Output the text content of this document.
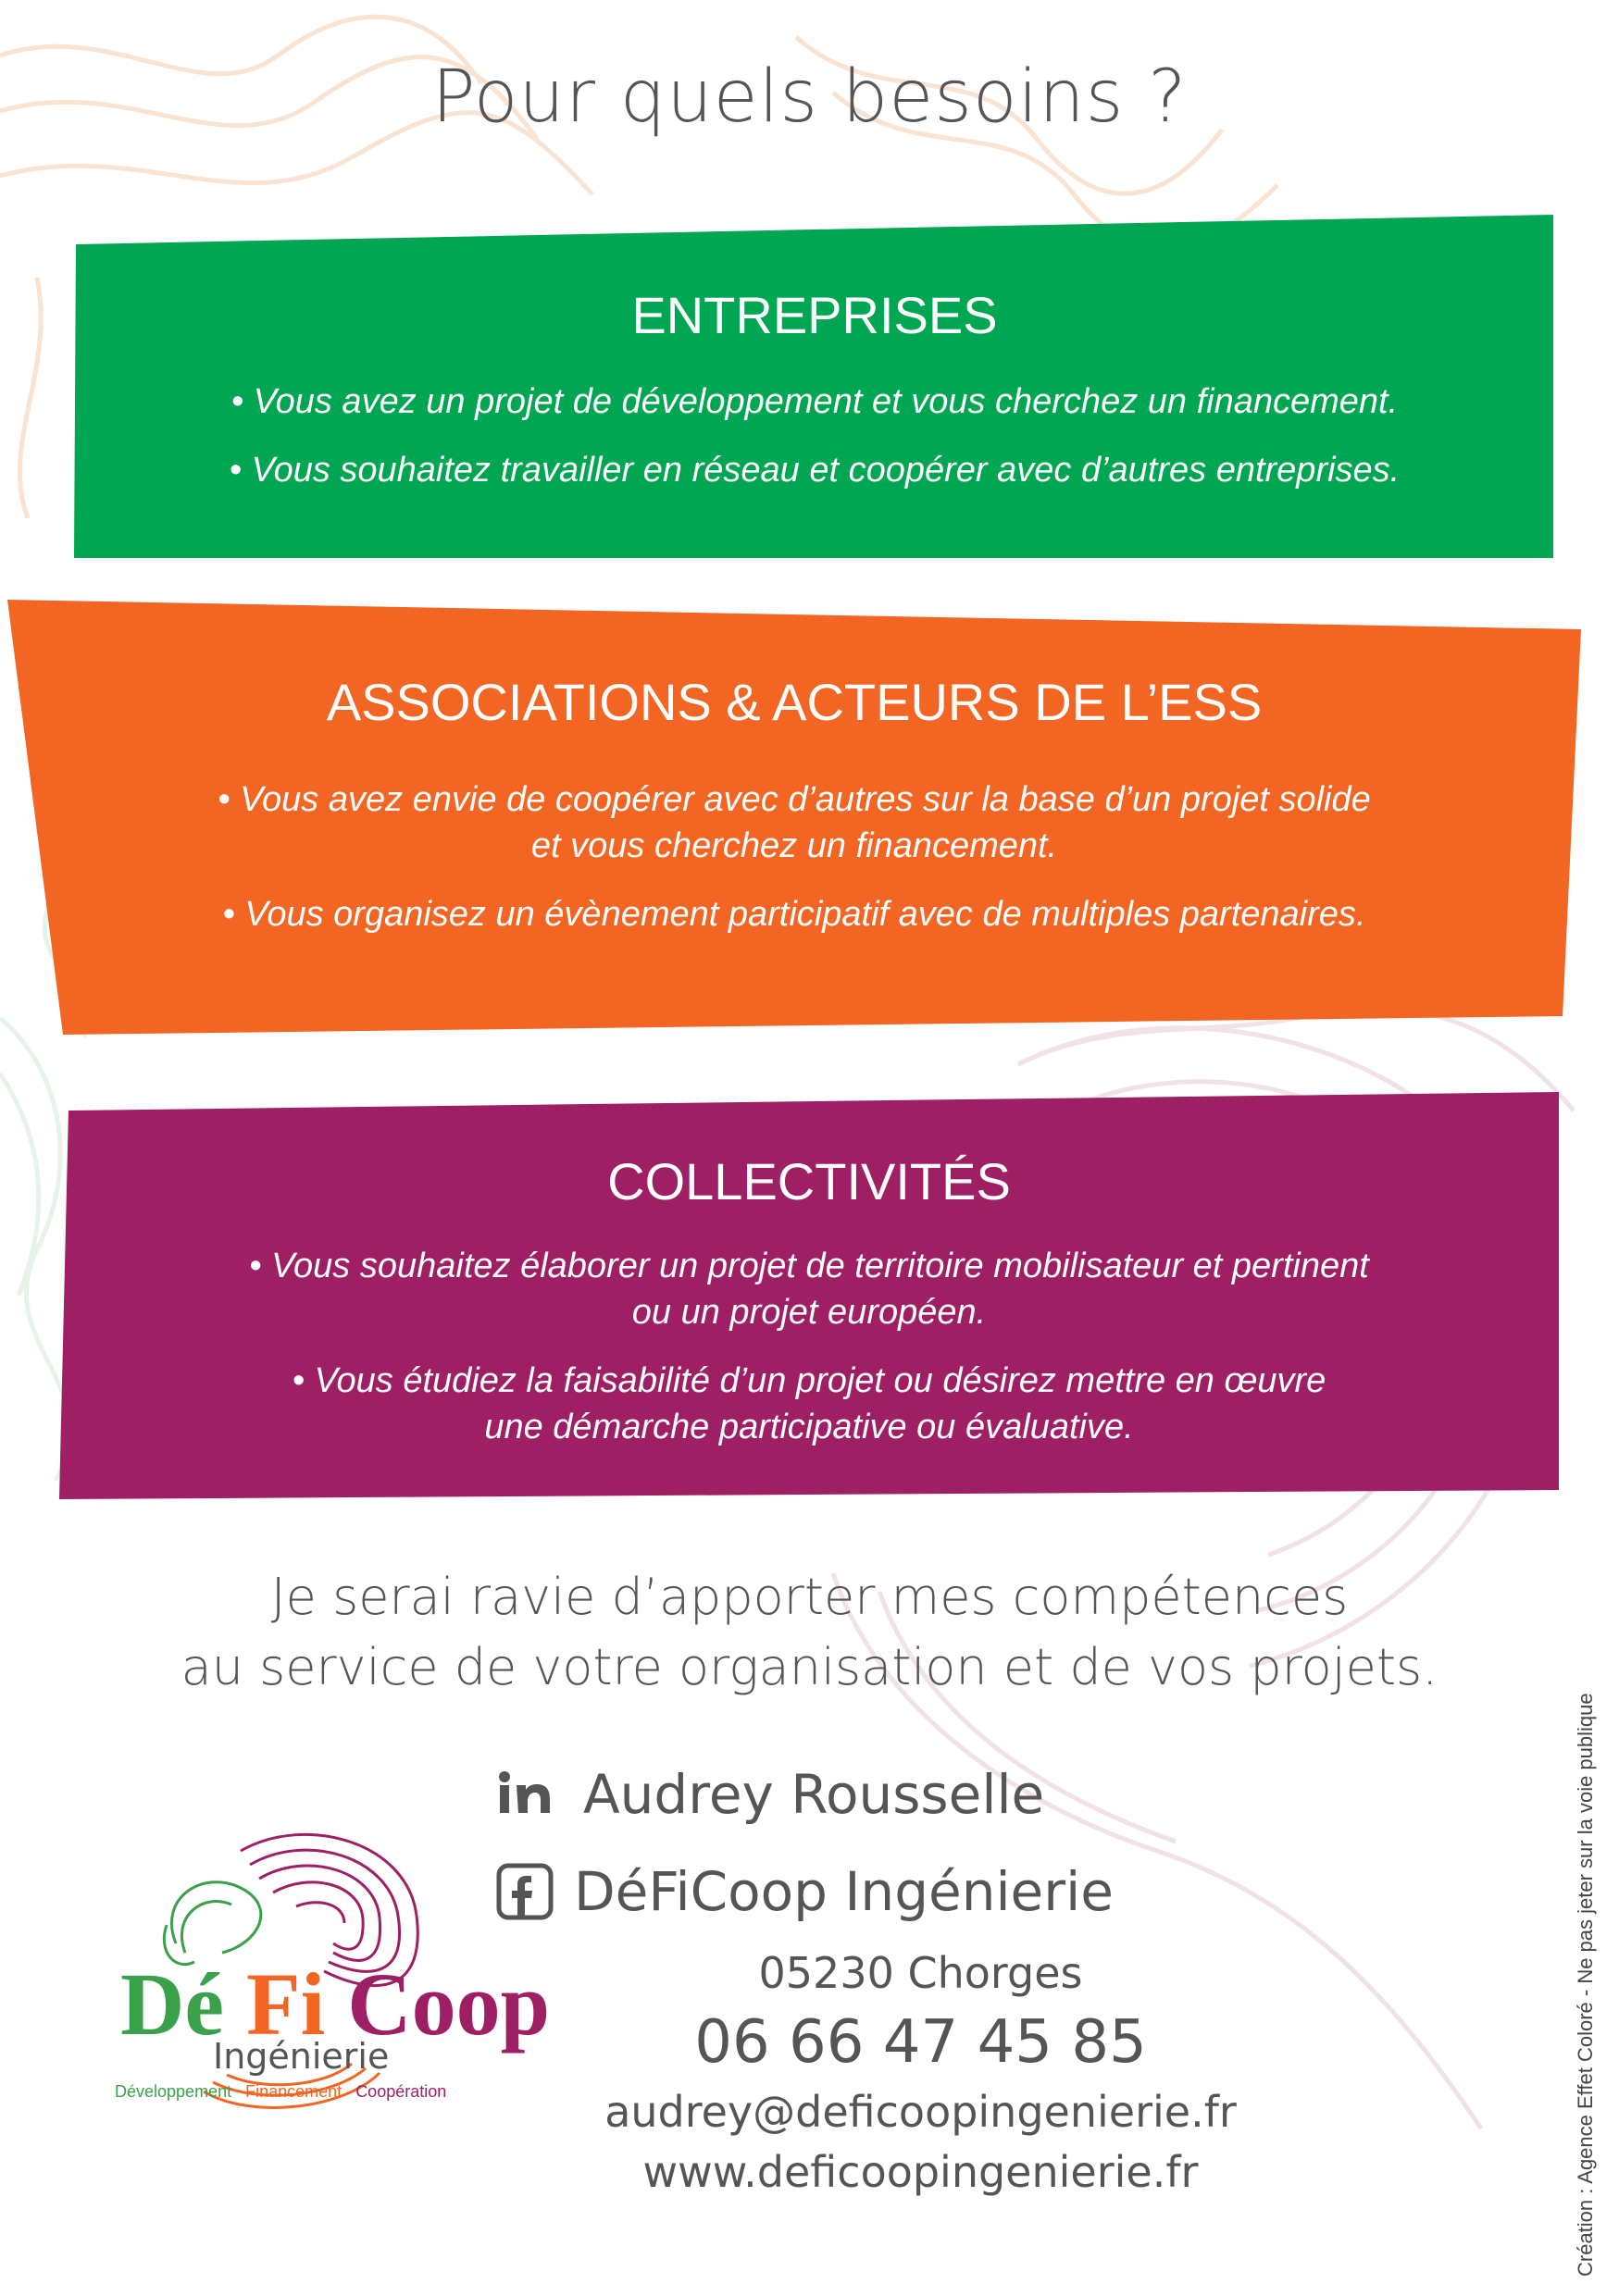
Pour quels besoins ?
ENTREPRISES

• Vous avez un projet de développement et vous cherchez un financement.

• Vous souhaitez travailler en réseau et coopérer avec d’autres entreprises.

ASSOCIATIONS & ACTEURS DE L’ESS

• Vous avez envie de coopérer avec d’autres sur la base d’un projet solide

et vous cherchez un financement.

• Vous organisez un évènement participatif avec de multiples partenaires.

COLLECTIVITÉS

• Vous souhaitez élaborer un projet de territoire mobilisateur et pertinent

ou un projet européen.

• Vous étudiez la faisabilité d’un projet ou désirez mettre en œuvre

une démarche participative ou évaluative.

Je serai ravie d’apporter mes compétences
au service de votre organisation et de vos projets.
Audrey Rousselle
DéFiCoop Ingénierie
05230 Chorges
06 66 47 45 85
audrey@deficoopingenierie.fr
www.deficoopingenierie.fr
Dé Fi Coop
Ingénierie
Développement Financement Coopération	Création : Agence Effet Coloré - Ne pas jeter sur la voie publique
